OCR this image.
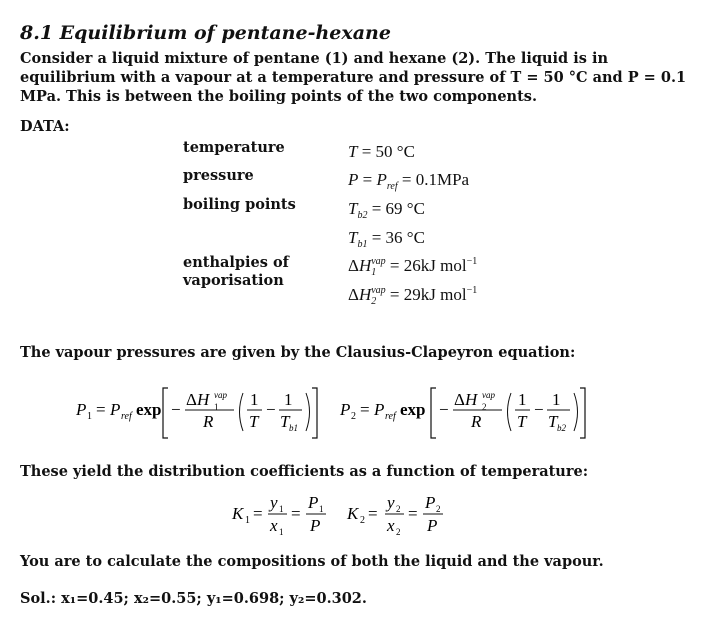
8.1 Equilibrium of pentane-hexane
Consider a liquid mixture of pentane (1) and hexane (2). The liquid is in equilibrium with a vapour at a temperature and pressure of T = 50 °C and P = 0.1 MPa. This is between the boiling points of the two components.
DATA:
temperature
pressure
boiling points
enthalpies of
vaporisation
T = 50 °C
$P = P_{ref} = 0.1MPa$
$T_{b2} = 69$ °C
$T_{b1} = 36$ °C
$\Delta H_1^{vap} = 26kJ$ mol$^{-1}$
$\Delta H_2^{vap} = 29kJ$ mol$^{-1}$
The vapour pressures are given by the Clausius-Clapeyron equation:
P 1 = P ref exp −
ΔH vap
1
R
1
T
−
1
T b1
P 2 = P ref exp −
ΔH vap
2
R
1
T
−
1
T b2
These yield the distribution coefficients as a function of temperature:
K 1 =
y 1
x 1
=
P 1
P
K 2 =
y 2
x 2
=
P 2
P
You are to calculate the compositions of both the liquid and the vapour.
Sol.: x₁=0.45; x₂=0.55; y₁=0.698; y₂=0.302.
